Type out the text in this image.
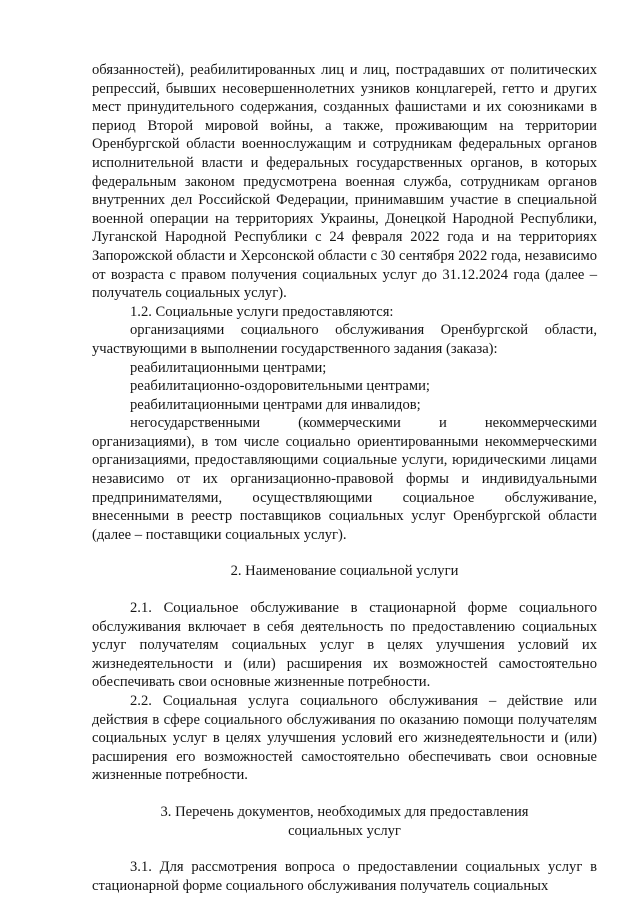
обязанностей), реабилитированных лиц и лиц, пострадавших от политических репрессий, бывших несовершеннолетних узников концлагерей, гетто и других мест принудительного содержания, созданных фашистами и их союзниками в период Второй мировой войны, а также, проживающим на территории Оренбургской области военнослужащим и сотрудникам федеральных органов исполнительной власти и федеральных государственных органов, в которых федеральным законом предусмотрена военная служба, сотрудникам органов внутренних дел Российской Федерации, принимавшим участие в специальной военной операции на территориях Украины, Донецкой Народной Республики, Луганской Народной Республики с 24 февраля 2022 года и на территориях Запорожской области и Херсонской области с 30 сентября 2022 года, независимо от возраста с правом получения социальных услуг до 31.12.2024 года (далее – получатель социальных услуг).

1.2. Социальные услуги предоставляются:

организациями социального обслуживания Оренбургской области, участвующими в выполнении государственного задания (заказа):

реабилитационными центрами;

реабилитационно-оздоровительными центрами;

реабилитационными центрами для инвалидов;

негосударственными (коммерческими и некоммерческими организациями), в том числе социально ориентированными некоммерческими организациями, предоставляющими социальные услуги, юридическими лицами независимо от их организационно-правовой формы и индивидуальными предпринимателями, осуществляющими социальное обслуживание, внесенными в реестр поставщиков социальных услуг Оренбургской области (далее – поставщики социальных услуг).

2. Наименование социальной услуги

2.1. Социальное обслуживание в стационарной форме социального обслуживания включает в себя деятельность по предоставлению социальных услуг получателям социальных услуг в целях улучшения условий их жизнедеятельности и (или) расширения их возможностей самостоятельно обеспечивать свои основные жизненные потребности.

2.2. Социальная услуга социального обслуживания – действие или действия в сфере социального обслуживания по оказанию помощи получателям социальных услуг в целях улучшения условий его жизнедеятельности и (или) расширения его возможностей самостоятельно обеспечивать свои основные жизненные потребности.

3. Перечень документов, необходимых для предоставления

социальных услуг

3.1. Для рассмотрения вопроса о предоставлении социальных услуг в стационарной форме социального обслуживания получатель социальных
